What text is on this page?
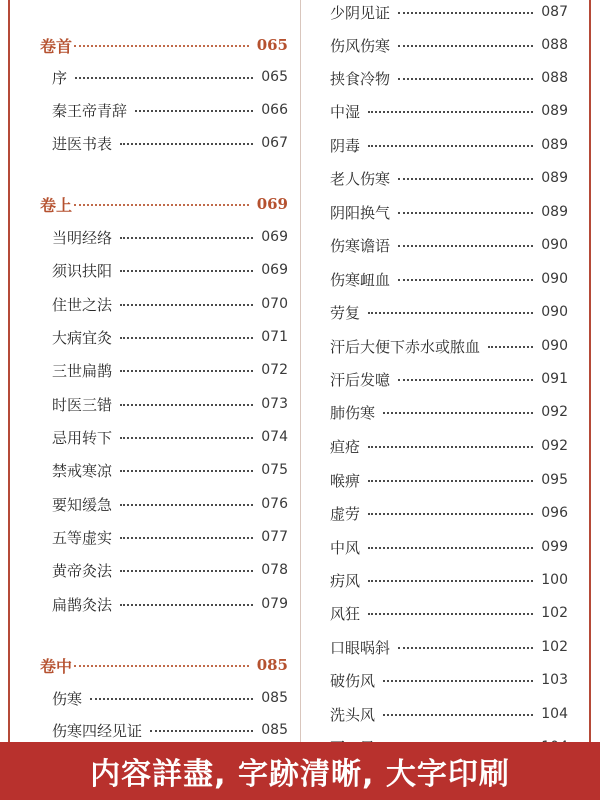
卷首	065
序	065
秦王帝青辞	066
进医书表	067
卷上	069
当明经络	069
须识扶阳	069
住世之法	070
大病宜灸	071
三世扁鹊	072
时医三错	073
忌用转下	074
禁戒寒凉	075
要知缓急	076
五等虚实	077
黄帝灸法	078
扁鹊灸法	079
卷中	085
伤寒	085
伤寒四经见证	085
少阴见证	087
伤风伤寒	088
挟食冷物	088
中湿	089
阴毒	089
老人伤寒	089
阴阳换气	089
伤寒谵语	090
伤寒衄血	090
劳复	090
汗后大便下赤水或脓血	090
汗后发噫	091
肺伤寒	092
疸疮	092
喉痹	095
虚劳	096
中风	099
疠风	100
风狂	102
口眼㖞斜	102
破伤风	103
洗头风	104
内容詳盡, 字跡清晰, 大字印刷
